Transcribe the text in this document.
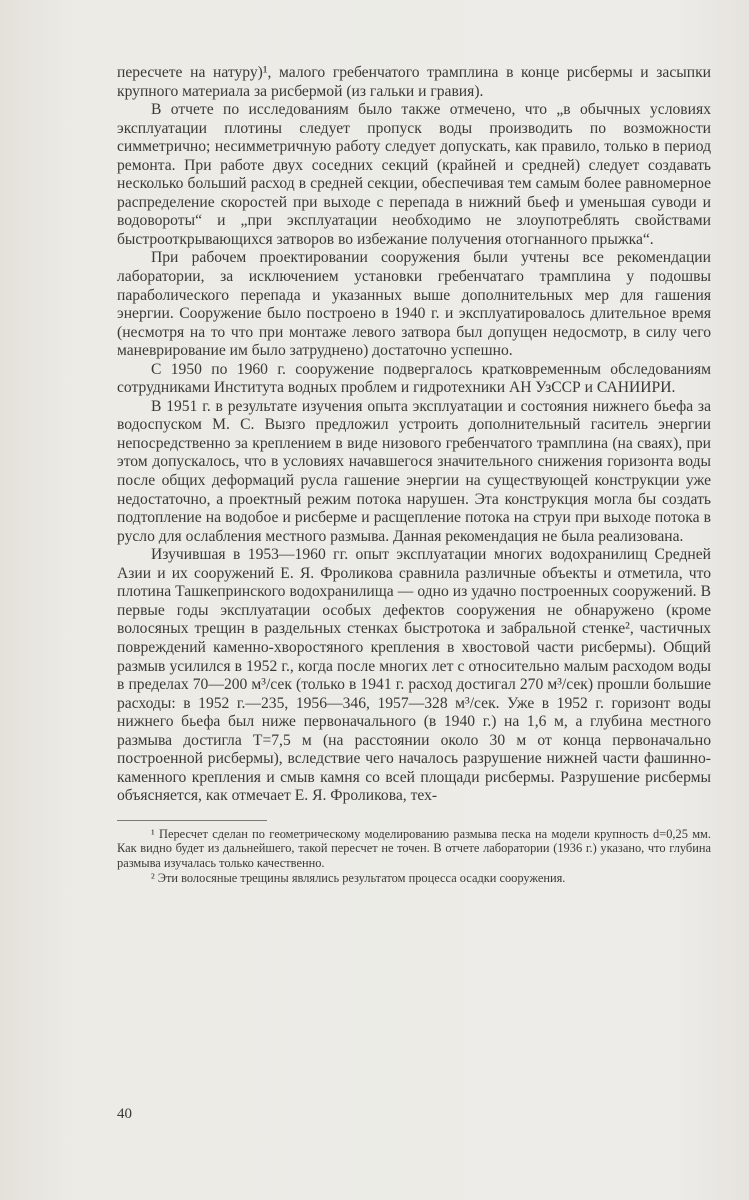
пересчете на натуру)¹, малого гребенчатого трамплина в конце рисбермы и засыпки крупного материала за рисбермой (из гальки и гравия).

В отчете по исследованиям было также отмечено, что „в обычных условиях эксплуатации плотины следует пропуск воды производить по возможности симметрично; несимметричную работу следует допускать, как правило, только в период ремонта. При работе двух соседних секций (крайней и средней) следует создавать несколько больший расход в средней секции, обеспечивая тем самым более равномерное распределение скоростей при выходе с перепада в нижний бьеф и уменьшая суводи и водовороты“ и „при эксплуатации необходимо не злоупотреблять свойствами быстрооткрывающихся затворов во избежание получения отогнанного прыжка“.

При рабочем проектировании сооружения были учтены все рекомендации лаборатории, за исключением установки гребенчатаго трамплина у подошвы параболического перепада и указанных выше дополнительных мер для гашения энергии. Сооружение было построено в 1940 г. и эксплуатировалось длительное время (несмотря на то что при монтаже левого затвора был допущен недосмотр, в силу чего маневрирование им было затруднено) достаточно успешно.

С 1950 по 1960 г. сооружение подвергалось кратковременным обследованиям сотрудниками Института водных проблем и гидротехники АН УзССР и САНИИРИ.

В 1951 г. в результате изучения опыта эксплуатации и состояния нижнего бьефа за водоспуском М. С. Вызго предложил устроить дополнительный гаситель энергии непосредственно за креплением в виде низового гребенчатого трамплина (на сваях), при этом допускалось, что в условиях начавшегося значительного снижения горизонта воды после общих деформаций русла гашение энергии на существующей конструкции уже недостаточно, а проектный режим потока нарушен. Эта конструкция могла бы создать подтопление на водобое и рисберме и расщепление потока на струи при выходе потока в русло для ослабления местного размыва. Данная рекомендация не была реализована.

Изучившая в 1953—1960 гг. опыт эксплуатации многих водохранилищ Средней Азии и их сооружений Е. Я. Фроликова сравнила различные объекты и отметила, что плотина Ташкепринского водохранилища — одно из удачно построенных сооружений. В первые годы эксплуатации особых дефектов сооружения не обнаружено (кроме волосяных трещин в раздельных стенках быстротока и забральной стенке², частичных повреждений каменно-хворостяного крепления в хвостовой части рисбермы). Общий размыв усилился в 1952 г., когда после многих лет с относительно малым расходом воды в пределах 70—200 м³/сек (только в 1941 г. расход достигал 270 м³/сек) прошли большие расходы: в 1952 г.—235, 1956—346, 1957—328 м³/сек. Уже в 1952 г. горизонт воды нижнего бьефа был ниже первоначального (в 1940 г.) на 1,6 м, а глубина местного размыва достигла T=7,5 м (на расстоянии около 30 м от конца первоначально построенной рисбермы), вследствие чего началось разрушение нижней части фашинно-каменного крепления и смыв камня со всей площади рисбермы. Разрушение рисбермы объясняется, как отмечает Е. Я. Фроликова, тех-

¹ Пересчет сделан по геометрическому моделированию размыва песка на модели крупность d=0,25 мм. Как видно будет из дальнейшего, такой пересчет не точен. В отчете лаборатории (1936 г.) указано, что глубина размыва изучалась только качественно.

² Эти волосяные трещины являлись результатом процесса осадки сооружения.

40
